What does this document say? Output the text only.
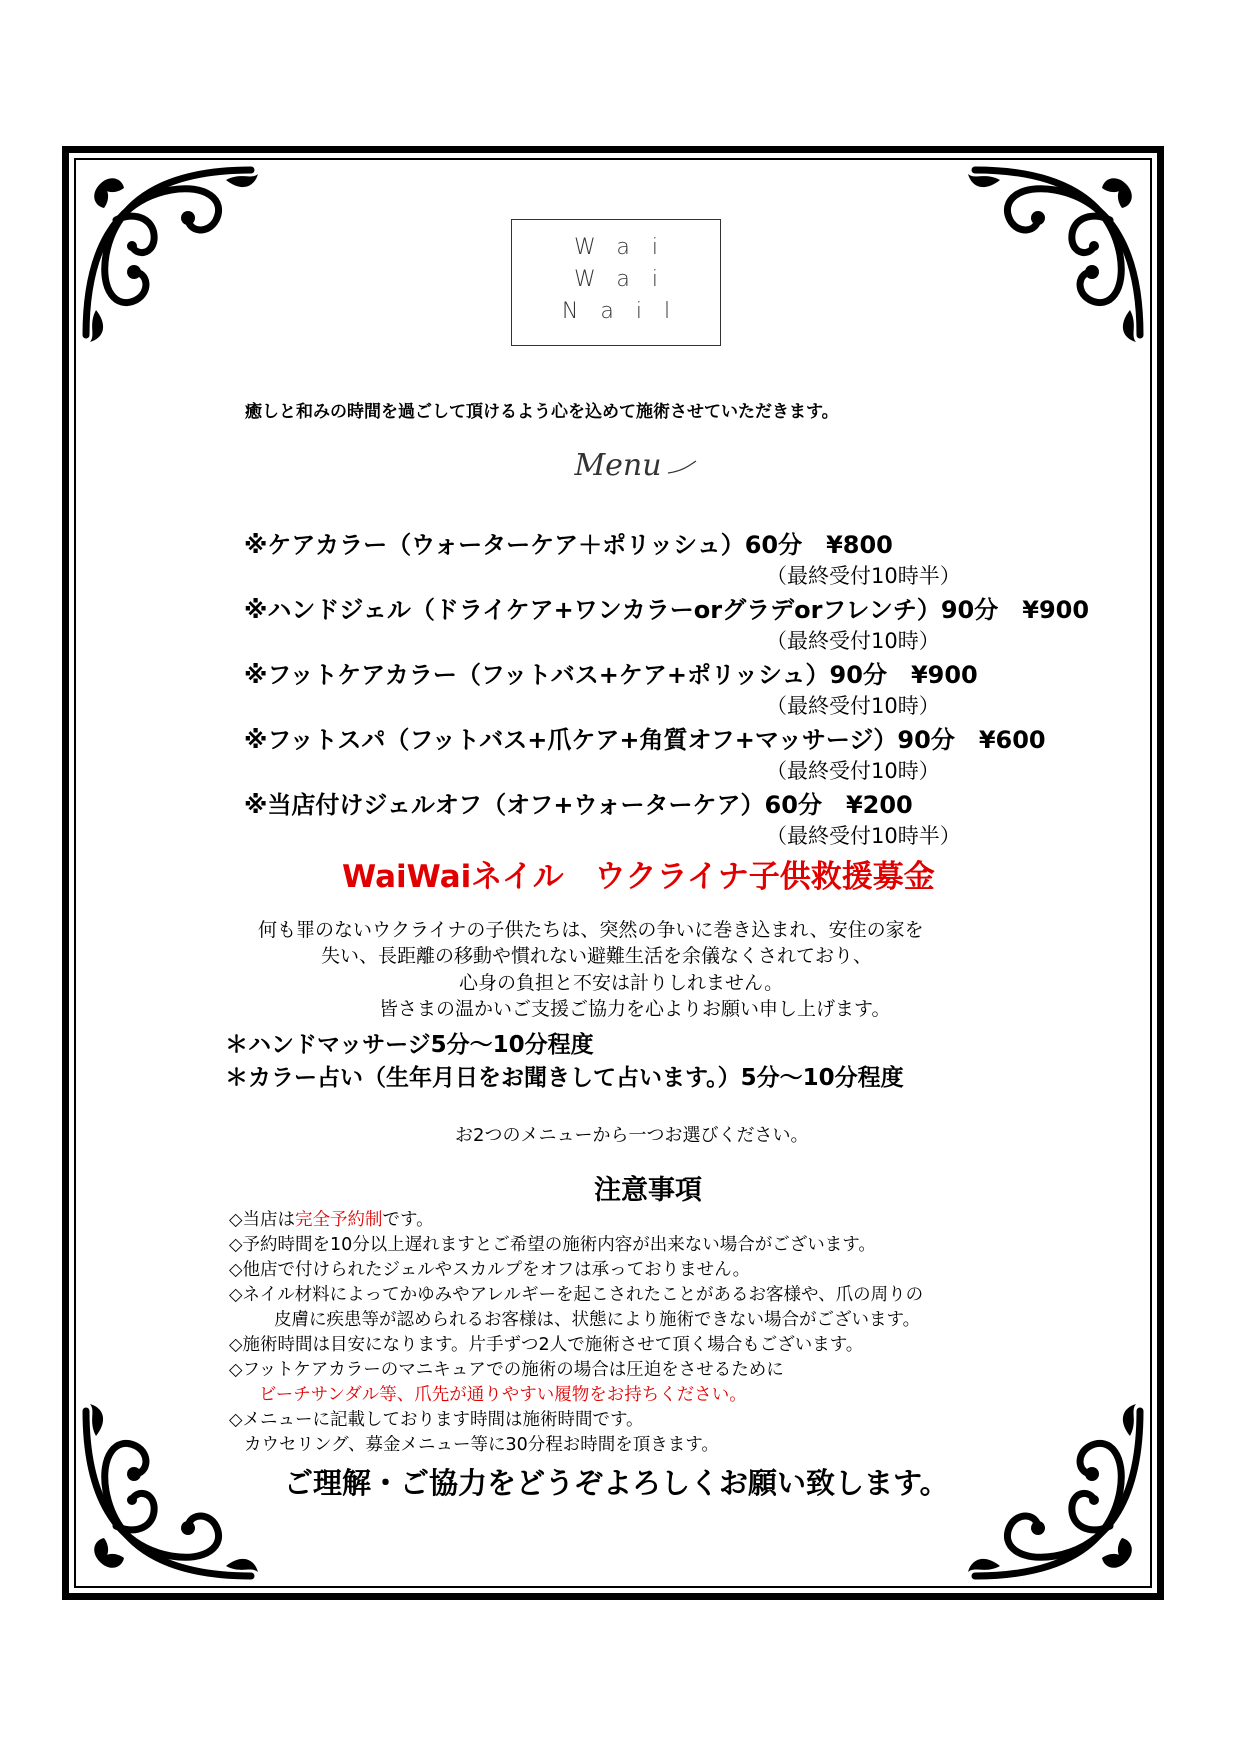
Wai
Wai
Nail
癒しと和みの時間を過ごして頂けるよう心を込めて施術させていただきます。
Menu
※ケアカラー（ウォーターケア＋ポリッシュ）60分　¥800
（最終受付10時半）
※ハンドジェル（ドライケア+ワンカラーorグラデorフレンチ）90分　¥900
（最終受付10時）
※フットケアカラー（フットバス+ケア+ポリッシュ）90分　¥900
（最終受付10時）
※フットスパ（フットバス+爪ケア+角質オフ+マッサージ）90分　¥600
（最終受付10時）
※当店付けジェルオフ（オフ+ウォーターケア）60分　¥200
（最終受付10時半）
WaiWaiネイル　ウクライナ子供救援募金
何も罪のないウクライナの子供たちは、突然の争いに巻き込まれ、安住の家を
失い、長距離の移動や慣れない避難生活を余儀なくされており、
心身の負担と不安は計りしれません。
皆さまの温かいご支援ご協力を心よりお願い申し上げます。
＊ハンドマッサージ5分～10分程度
＊カラー占い（生年月日をお聞きして占います。）5分～10分程度
お2つのメニューから一つお選びください。
注意事項
◇当店は完全予約制です。
◇予約時間を10分以上遅れますとご希望の施術内容が出来ない場合がございます。
◇他店で付けられたジェルやスカルプをオフは承っておりません。
◇ネイル材料によってかゆみやアレルギーを起こされたことがあるお客様や、爪の周りの
皮膚に疾患等が認められるお客様は、状態により施術できない場合がございます。
◇施術時間は目安になります。片手ずつ2人で施術させて頂く場合もございます。
◇フットケアカラーのマニキュアでの施術の場合は圧迫をさせるために
ビーチサンダル等、爪先が通りやすい履物をお持ちください。
◇メニューに記載しております時間は施術時間です。
カウセリング、募金メニュー等に30分程お時間を頂きます。
ご理解・ご協力をどうぞよろしくお願い致します。
